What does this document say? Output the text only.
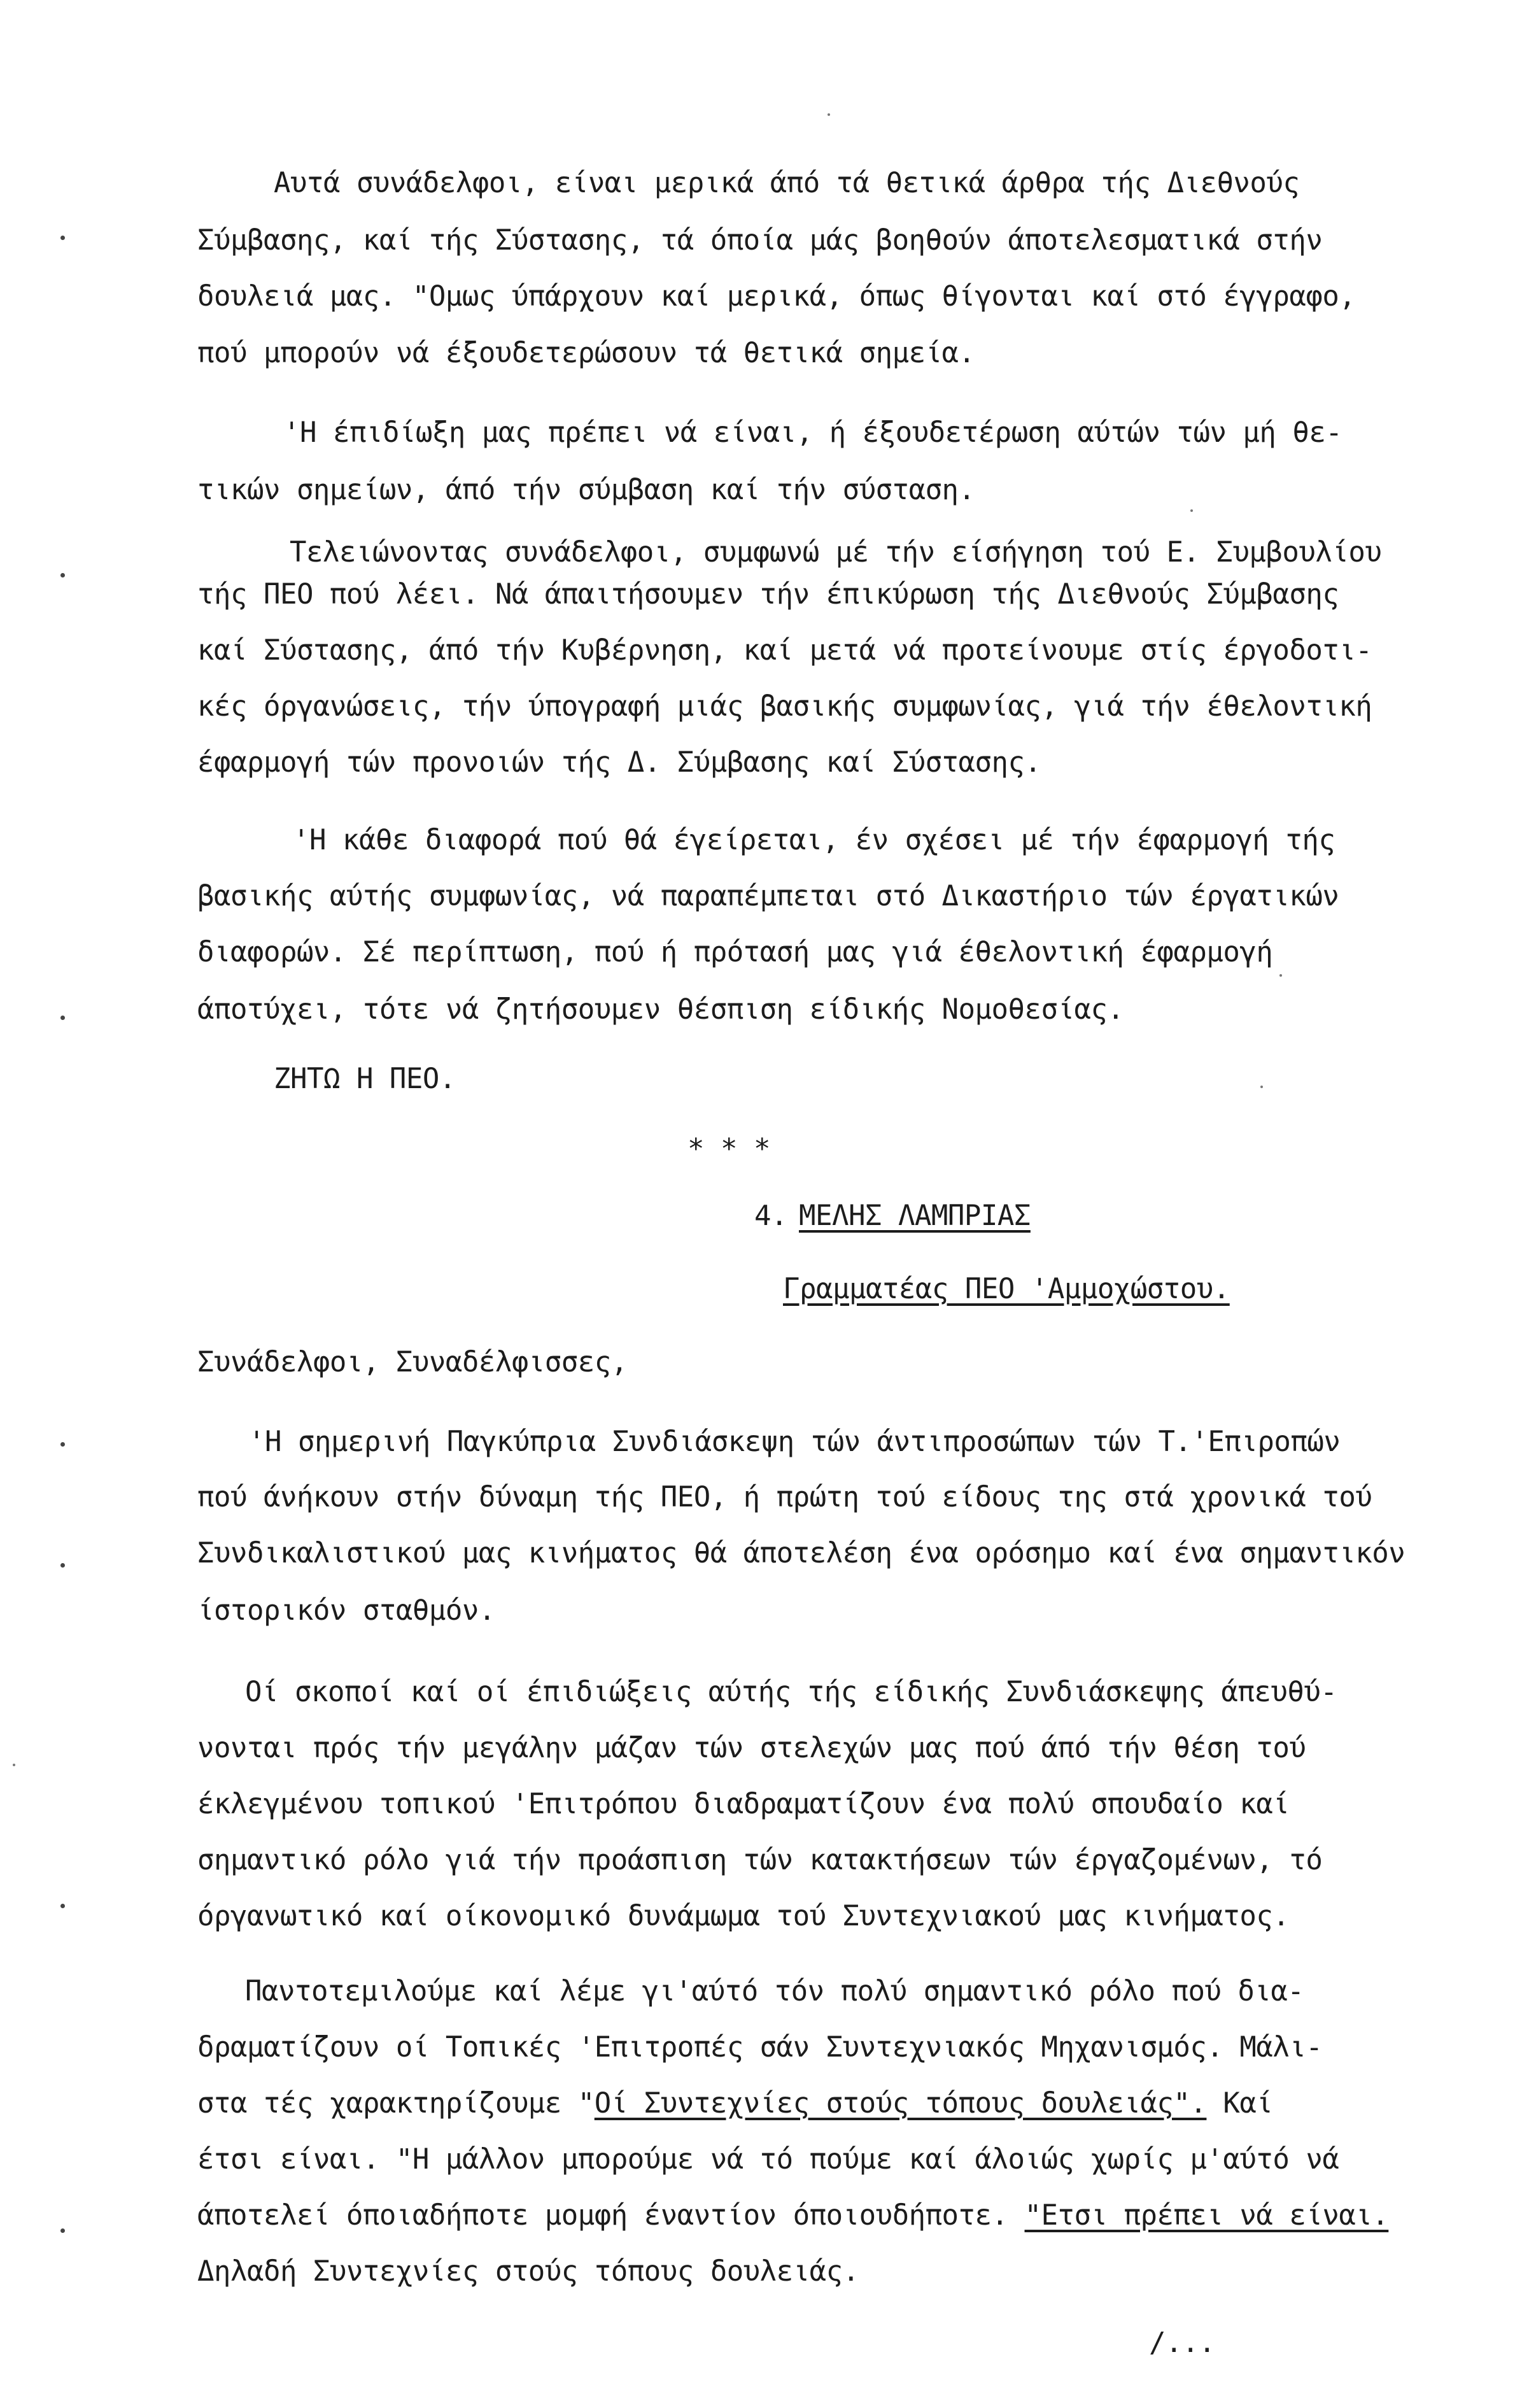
Αυτά συνάδελφοι, είναι μερικά άπό τά θετικά άρθρα τής Διεθνούς
Σύμβασης, καί τής Σύστασης, τά όποία μάς βοηθούν άποτελεσματικά στήν
δουλειά μας. "Ομως ύπάρχουν καί μερικά, όπως θίγονται καί στό έγγραφο,
πού μπορούν νά έξουδετερώσουν τά θετικά σημεία.
'Η έπιδίωξη μας πρέπει νά είναι, ή έξουδετέρωση αύτών τών μή θε-
τικών σημείων, άπό τήν σύμβαση καί τήν σύσταση.
Τελειώνοντας συνάδελφοι, συμφωνώ μέ τήν είσήγηση τού Ε. Συμβουλίου
τής ΠΕΟ πού λέει. Νά άπαιτήσουμεν τήν έπικύρωση τής Διεθνούς Σύμβασης
καί Σύστασης, άπό τήν Κυβέρνηση, καί μετά νά προτείνουμε στίς έργοδοτι-
κές όργανώσεις, τήν ύπογραφή μιάς βασικής συμφωνίας, γιά τήν έθελοντική
έφαρμογή τών προνοιών τής Δ. Σύμβασης καί Σύστασης.
'Η κάθε διαφορά πού θά έγείρεται, έν σχέσει μέ τήν έφαρμογή τής
βασικής αύτής συμφωνίας, νά παραπέμπεται στό Δικαστήριο τών έργατικών
διαφορών. Σέ περίπτωση, πού ή πρότασή μας γιά έθελοντική έφαρμογή
άποτύχει, τότε νά ζητήσουμεν θέσπιση είδικής Νομοθεσίας.
ΖΗΤΩ Η ΠΕΟ.
* * *
4. ΜΕΛΗΣ ΛΑΜΠΡΙΑΣ
Γραμματέας ΠΕΟ 'Αμμοχώστου.
Συνάδελφοι, Συναδέλφισσες,
'Η σημερινή Παγκύπρια Συνδιάσκεψη τών άντιπροσώπων τών Τ.'Επιροπών
πού άνήκουν στήν δύναμη τής ΠΕΟ, ή πρώτη τού είδους της στά χρονικά τού
Συνδικαλιστικού μας κινήματος θά άποτελέση ένα ορόσημο καί ένα σημαντικόν
ίστορικόν σταθμόν.
Οί σκοποί καί οί έπιδιώξεις αύτής τής είδικής Συνδιάσκεψης άπευθύ-
νονται πρός τήν μεγάλην μάζαν τών στελεχών μας πού άπό τήν θέση τού
έκλεγμένου τοπικού 'Επιτρόπου διαδραματίζουν ένα πολύ σπουδαίο καί
σημαντικό ρόλο γιά τήν προάσπιση τών κατακτήσεων τών έργαζομένων, τό
όργανωτικό καί οίκονομικό δυνάμωμα τού Συντεχνιακού μας κινήματος.
Παντοτεμιλούμε καί λέμε γι'αύτό τόν πολύ σημαντικό ρόλο πού δια-
δραματίζουν οί Τοπικές 'Επιτροπές σάν Συντεχνιακός Μηχανισμός. Μάλι-
στα τές χαρακτηρίζουμε "Οί Συντεχνίες στούς τόπους δουλειάς". Καί
έτσι είναι. "Η μάλλον μπορούμε νά τό πούμε καί άλοιώς χωρίς μ'αύτό νά
άποτελεί όποιαδήποτε μομφή έναντίον όποιουδήποτε. "Ετσι πρέπει νά είναι.
Δηλαδή Συντεχνίες στούς τόπους δουλειάς.
/...
